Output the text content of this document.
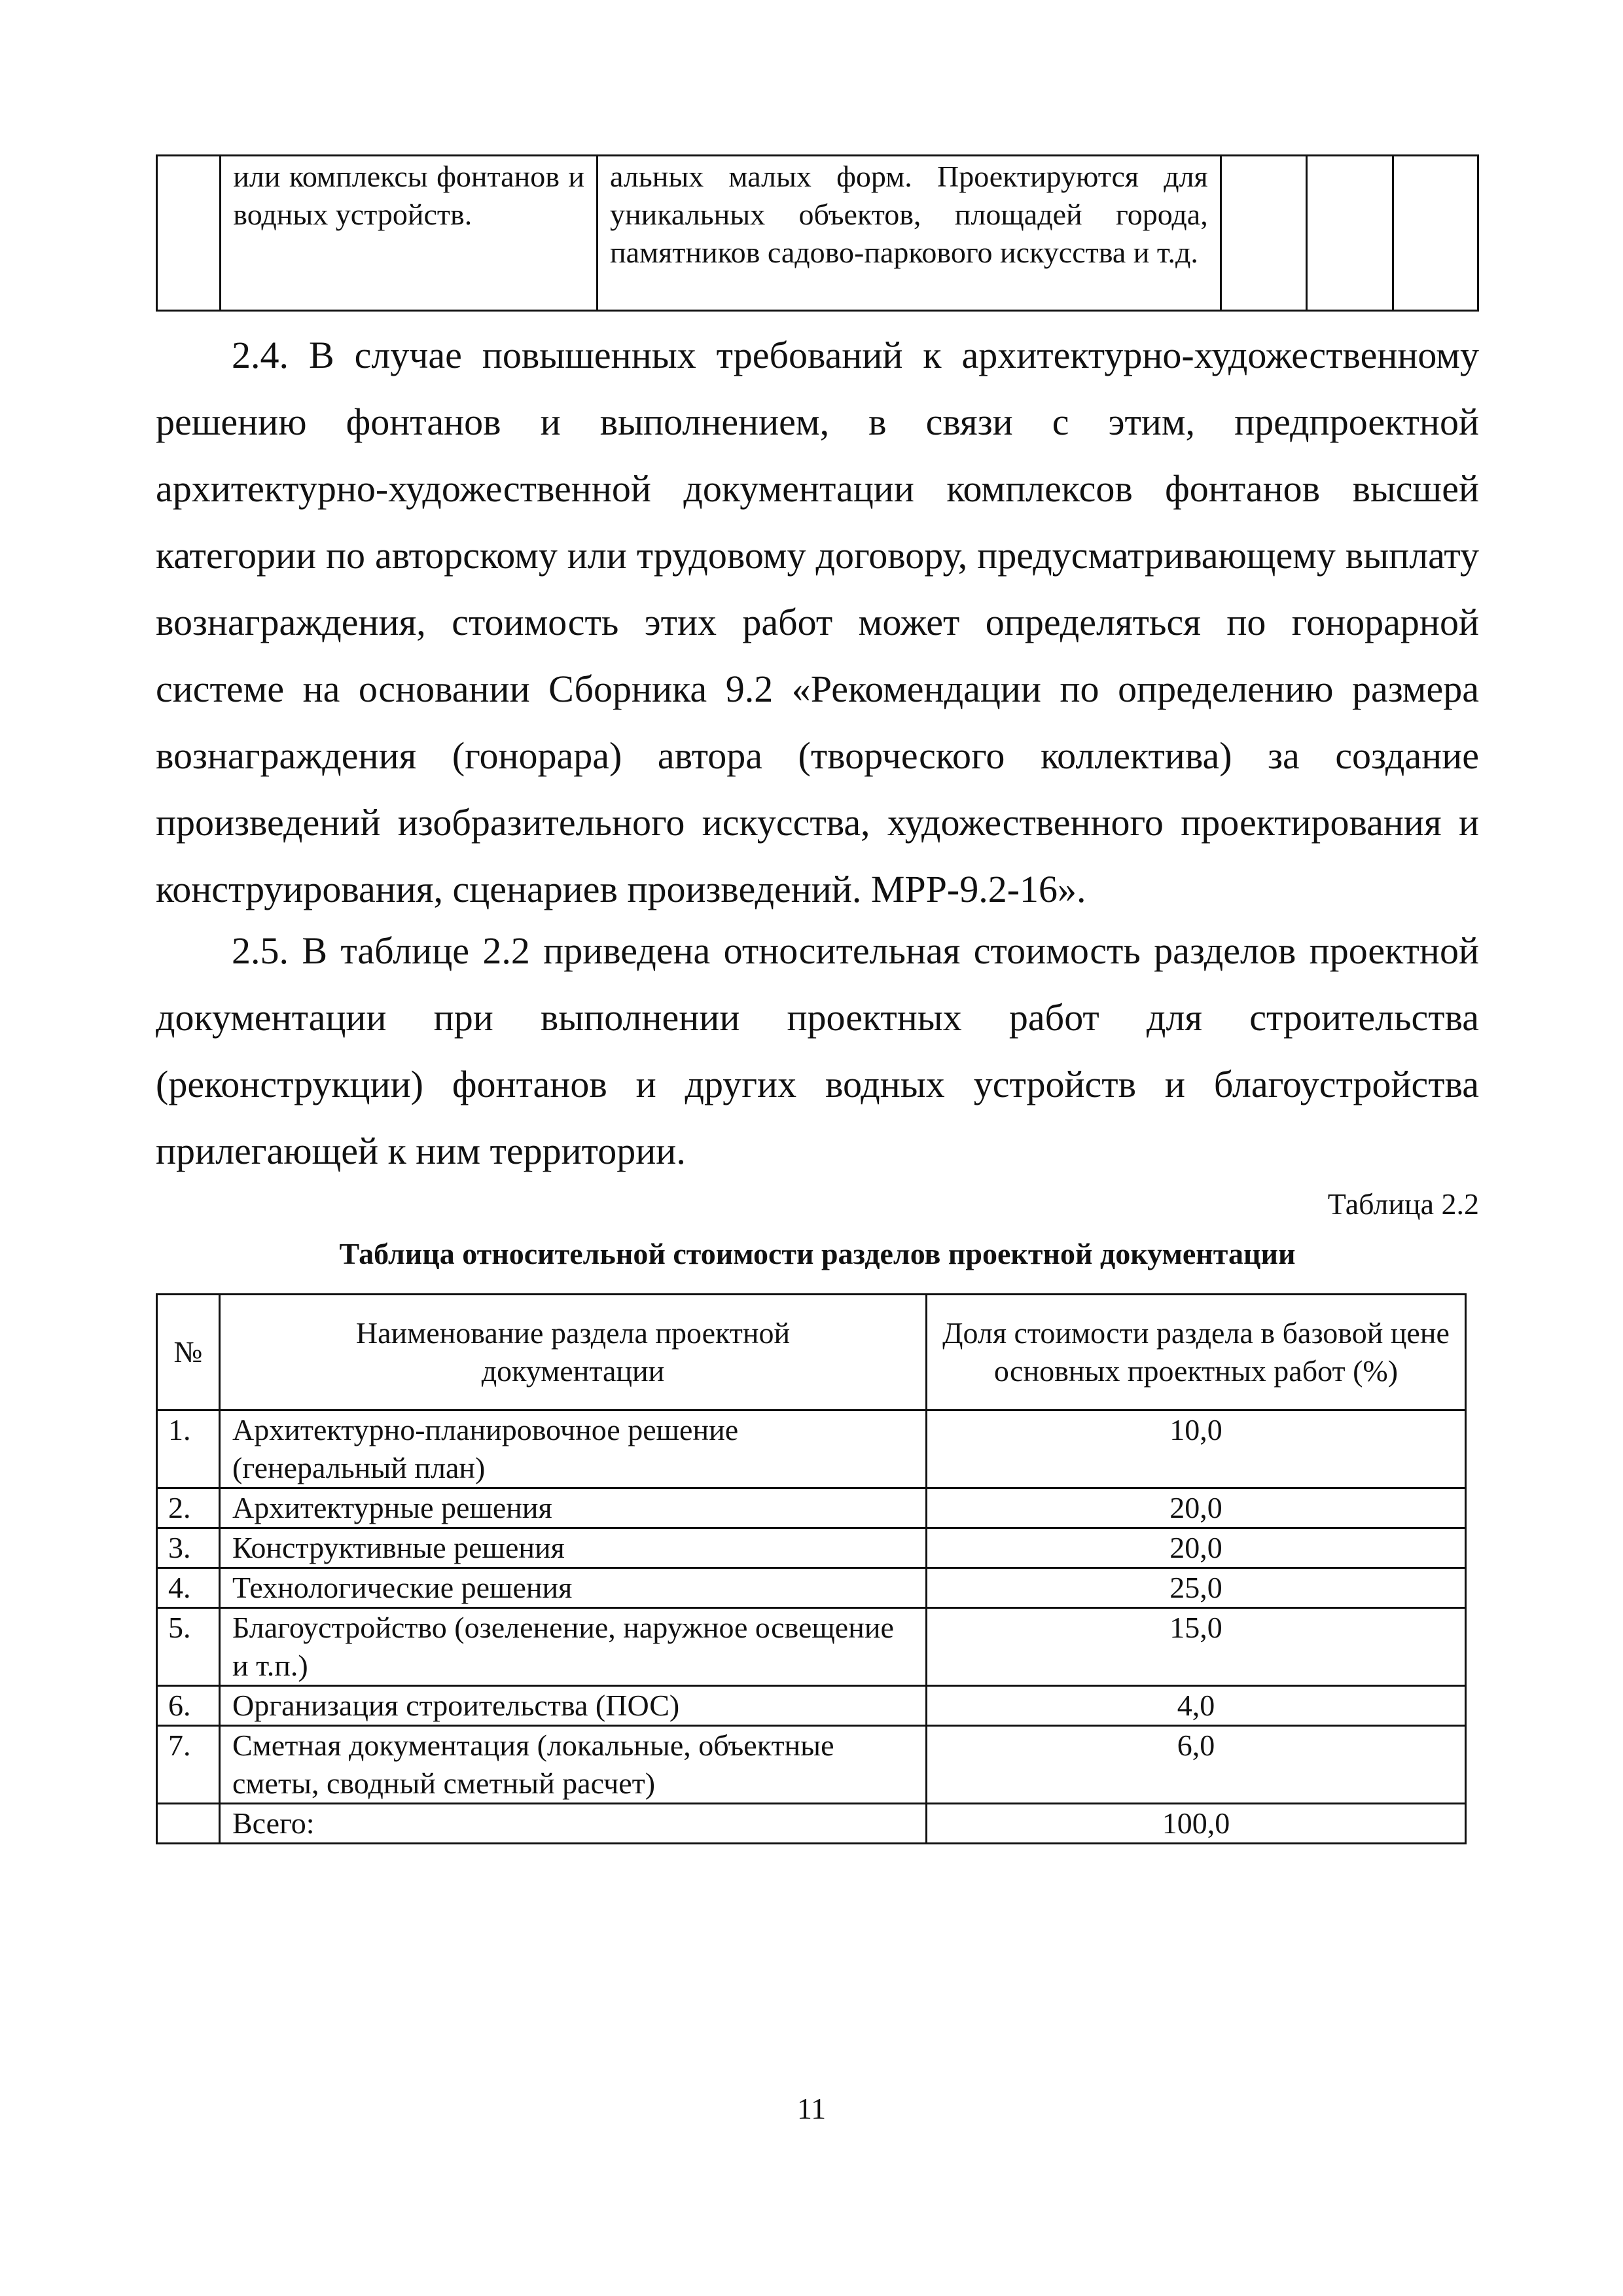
	или комплексы фонтанов и водных устройств.	альных малых форм. Проектируются для уникальных объектов, площадей города, памятников садово-паркового искусства и т.д.			

2.4. В случае повышенных требований к архитектурно-художественному решению фонтанов и выполнением, в связи с этим, предпроектной архитектурно-художественной документации комплексов фонтанов высшей категории по авторскому или трудовому договору, предусматривающему выплату вознаграждения, стоимость этих работ может определяться по гонорарной системе на основании Сборника 9.2 «Рекомендации по определению размера вознаграждения (гонорара) автора (творческого коллектива) за создание произведений изобразительного искусства, художественного проектирования и конструирования, сценариев произведений. МРР-9.2-16».

2.5. В таблице 2.2 приведена относительная стоимость разделов проектной документации при выполнении проектных работ для строительства (реконструкции) фонтанов и других водных устройств и благоустройства прилегающей к ним территории.

Таблица 2.2

Таблица относительной стоимости разделов проектной документации

№	Наименование раздела проектной документации	Доля стоимости раздела в базовой цене основных проектных работ (%)
1.	Архитектурно-планировочное решение (генеральный план)	10,0
2.	Архитектурные решения	20,0
3.	Конструктивные решения	20,0
4.	Технологические решения	25,0
5.	Благоустройство (озеленение, наружное освещение и т.п.)	15,0
6.	Организация строительства (ПОС)	4,0
7.	Сметная документация (локальные, объектные сметы, сводный сметный расчет)	6,0
	Всего:	100,0

11
